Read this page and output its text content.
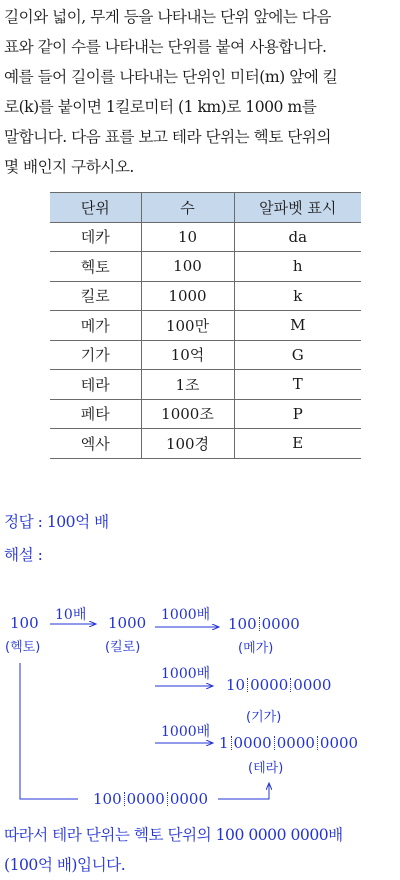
길이와 넓이, 무게 등을 나타내는 단위 앞에는 다음

표와 같이 수를 나타내는 단위를 붙여 사용합니다.

예를 들어 길이를 나타내는 단위인 미터(m) 앞에 킬

로(k)를 붙이면 1킬로미터 (1 km)로 1000 m를

말합니다. 다음 표를 보고 테라 단위는 헥토 단위의

몇 배인지 구하시오.

단위	수	알파벳 표시
데카	10	da
헥토	100	h
킬로	1000	k
메가	100만	M
기가	10억	G
테라	1조	T
페타	1000조	P
엑사	100경	E
정답 : 100억 배
해설 :
100
(헥토)
10배 1000
(킬로)
1000배 100 0000
(메가)
1000배
10 0000 0000
(기가)
1000배
1 0000 0000 0000
(테라)
100 0000 0000

따라서 테라 단위는 헥토 단위의 100 0000 0000배

(100억 배)입니다.
